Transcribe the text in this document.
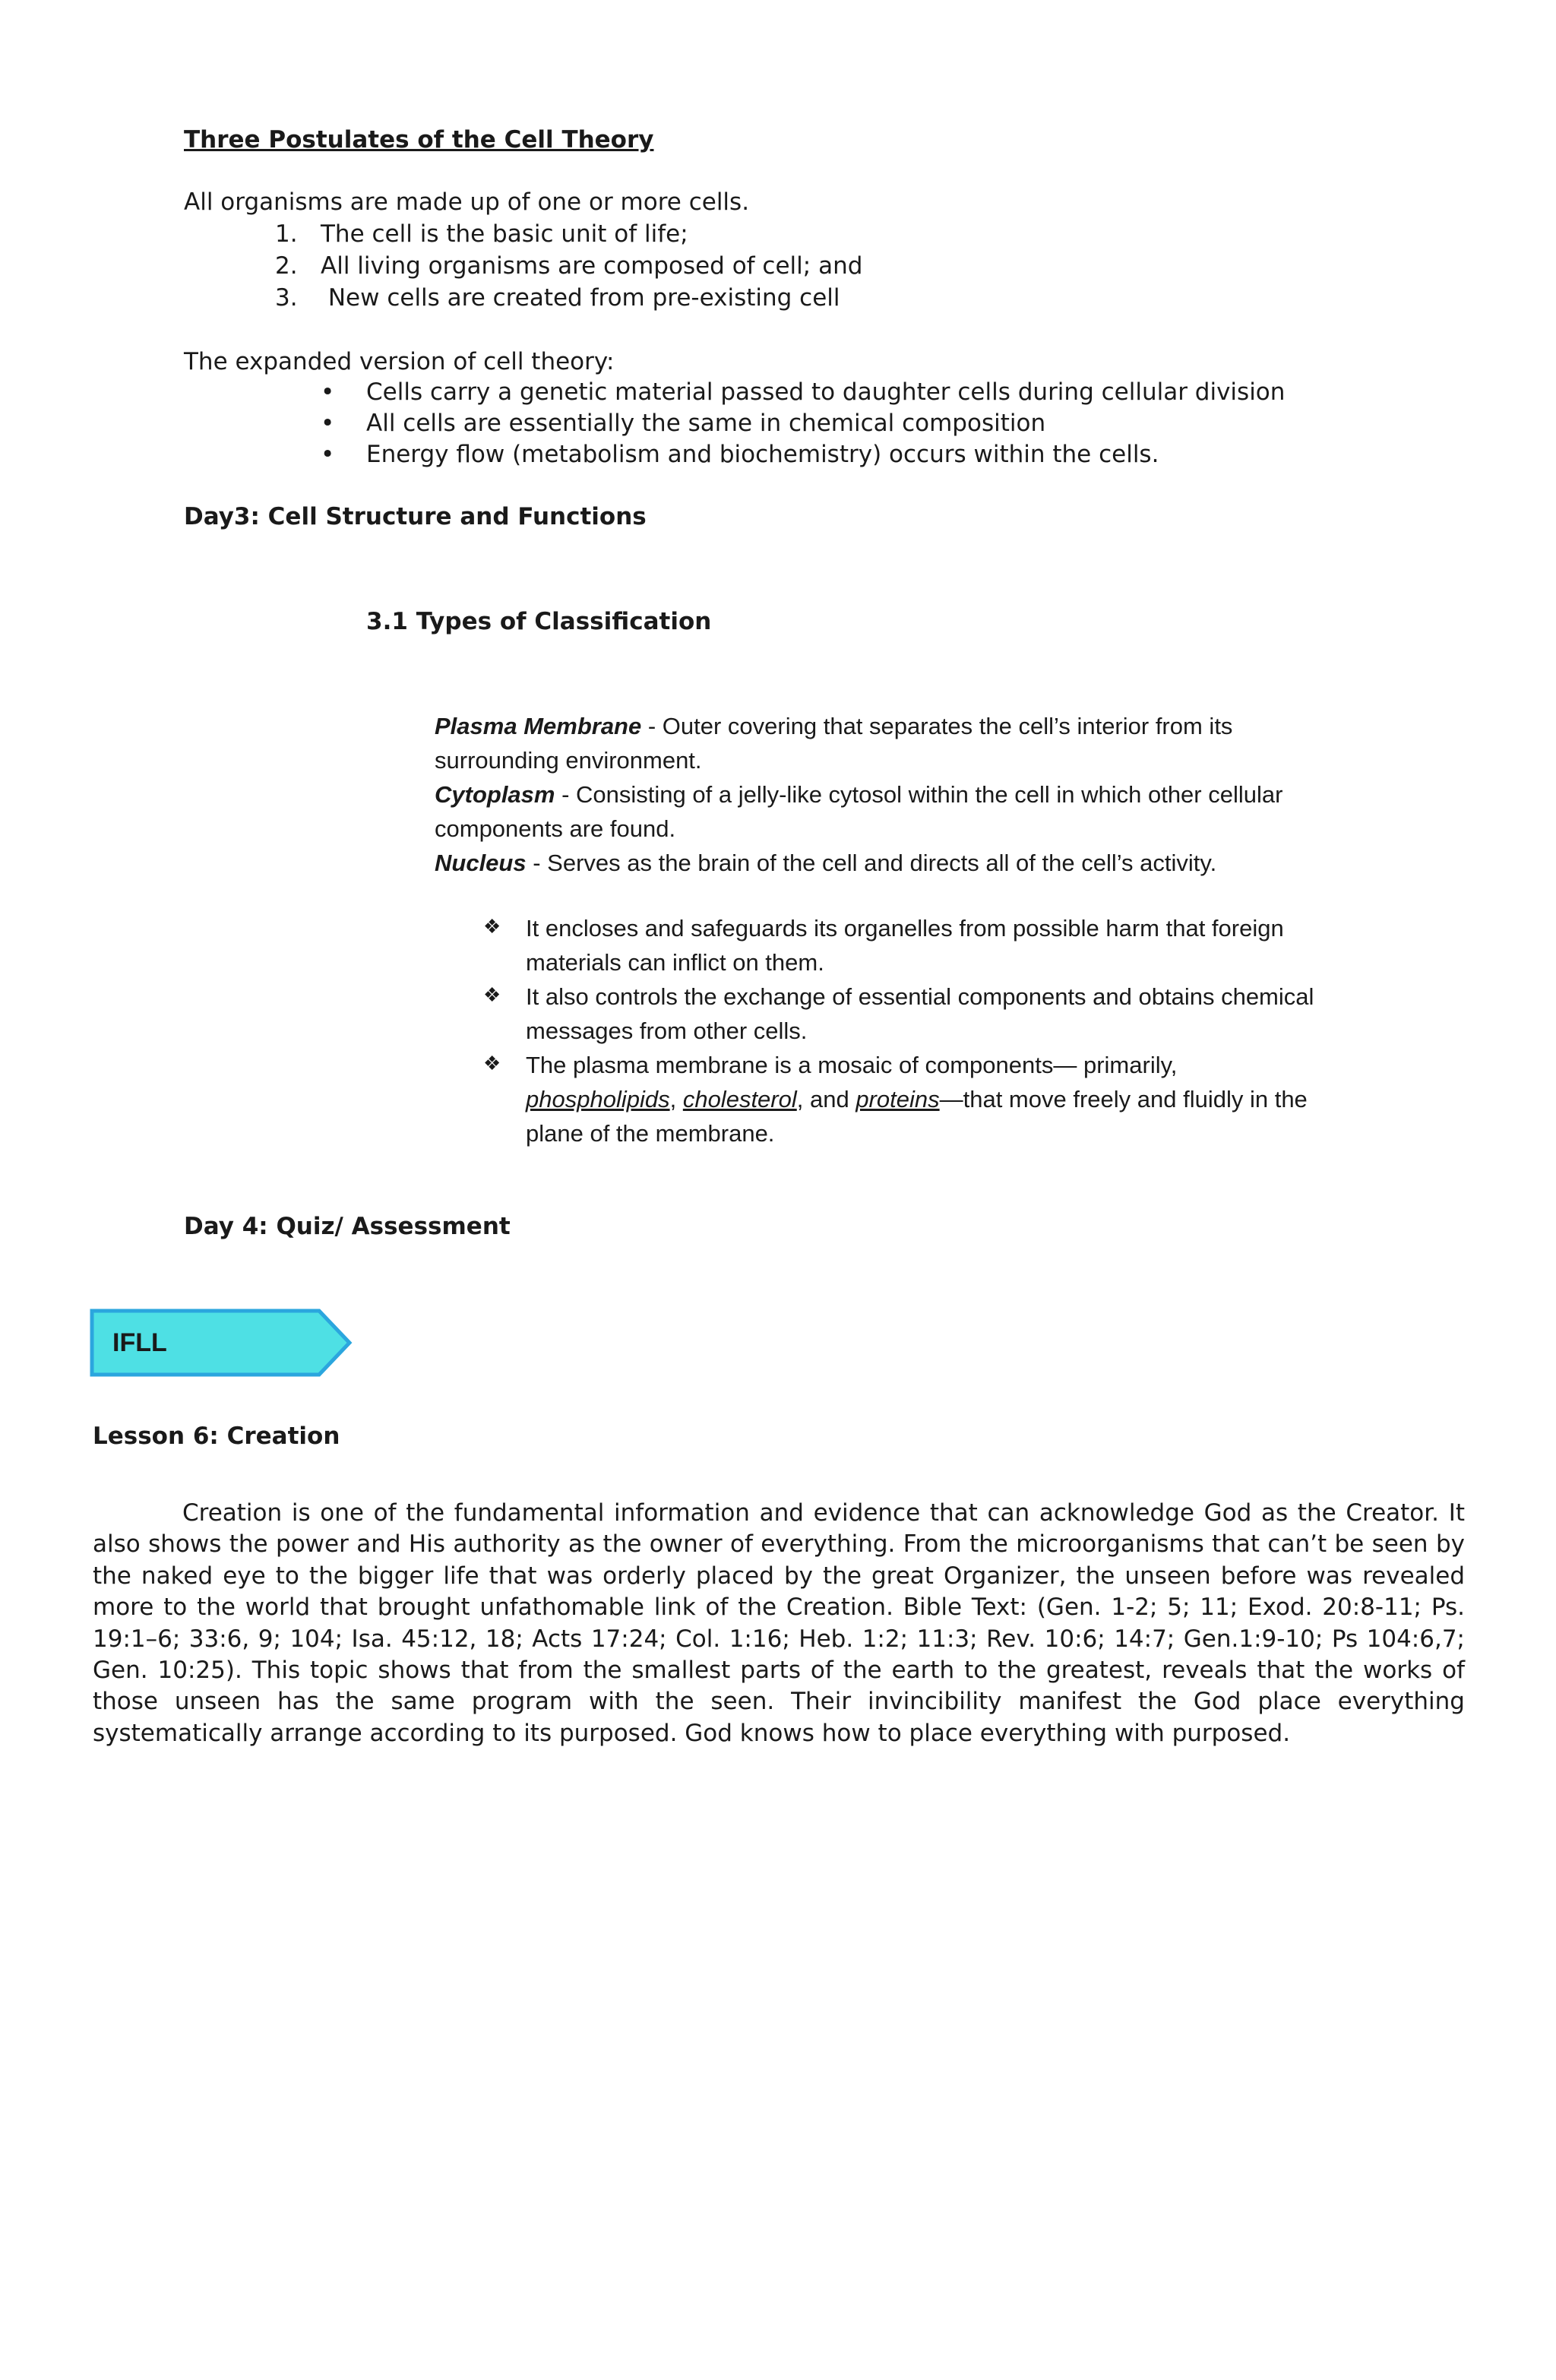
Three Postulates of the Cell Theory

All organisms are made up of one or more cells.

1. The cell is the basic unit of life;
2. All living organisms are composed of cell; and
3. New cells are created from pre-existing cell

The expanded version of cell theory:

• Cells carry a genetic material passed to daughter cells during cellular division
• All cells are essentially the same in chemical composition
• Energy flow (metabolism and biochemistry) occurs within the cells.

Day3: Cell Structure and Functions

3.1 Types of Classification

Plasma Membrane - Outer covering that separates the cell’s interior from its

surrounding environment.

Cytoplasm - Consisting of a jelly-like cytosol within the cell in which other cellular

components are found.

Nucleus - Serves as the brain of the cell and directs all of the cell’s activity.
❖ It encloses and safeguards its organelles from possible harm that foreign

materials can inflict on them.

❖ It also controls the exchange of essential components and obtains chemical

messages from other cells.

❖ The plasma membrane is a mosaic of components— primarily,
phospholipids, cholesterol, and proteins—that move freely and fluidly in the

plane of the membrane.

Day 4: Quiz/ Assessment

IFLL

Lesson 6: Creation

Creation is one of the fundamental information and evidence that can acknowledge God as the Creator. It also shows the power and His authority as the owner of everything. From the microorganisms that can’t be seen by the naked eye to the bigger life that was orderly placed by the great Organizer, the unseen before was revealed more to the world that brought unfathomable link of the Creation. Bible Text: (Gen. 1-2; 5; 11; Exod. 20:8-11; Ps. 19:1–6; 33:6, 9; 104; Isa. 45:12, 18; Acts 17:24; Col. 1:16; Heb. 1:2; 11:3; Rev. 10:6; 14:7; Gen.1:9-10; Ps 104:6,7; Gen. 10:25). This topic shows that from the smallest parts of the earth to the greatest, reveals that the works of those unseen has the same program with the seen. Their invincibility manifest the God place everything systematically arrange according to its purposed. God knows how to place everything with purposed.
